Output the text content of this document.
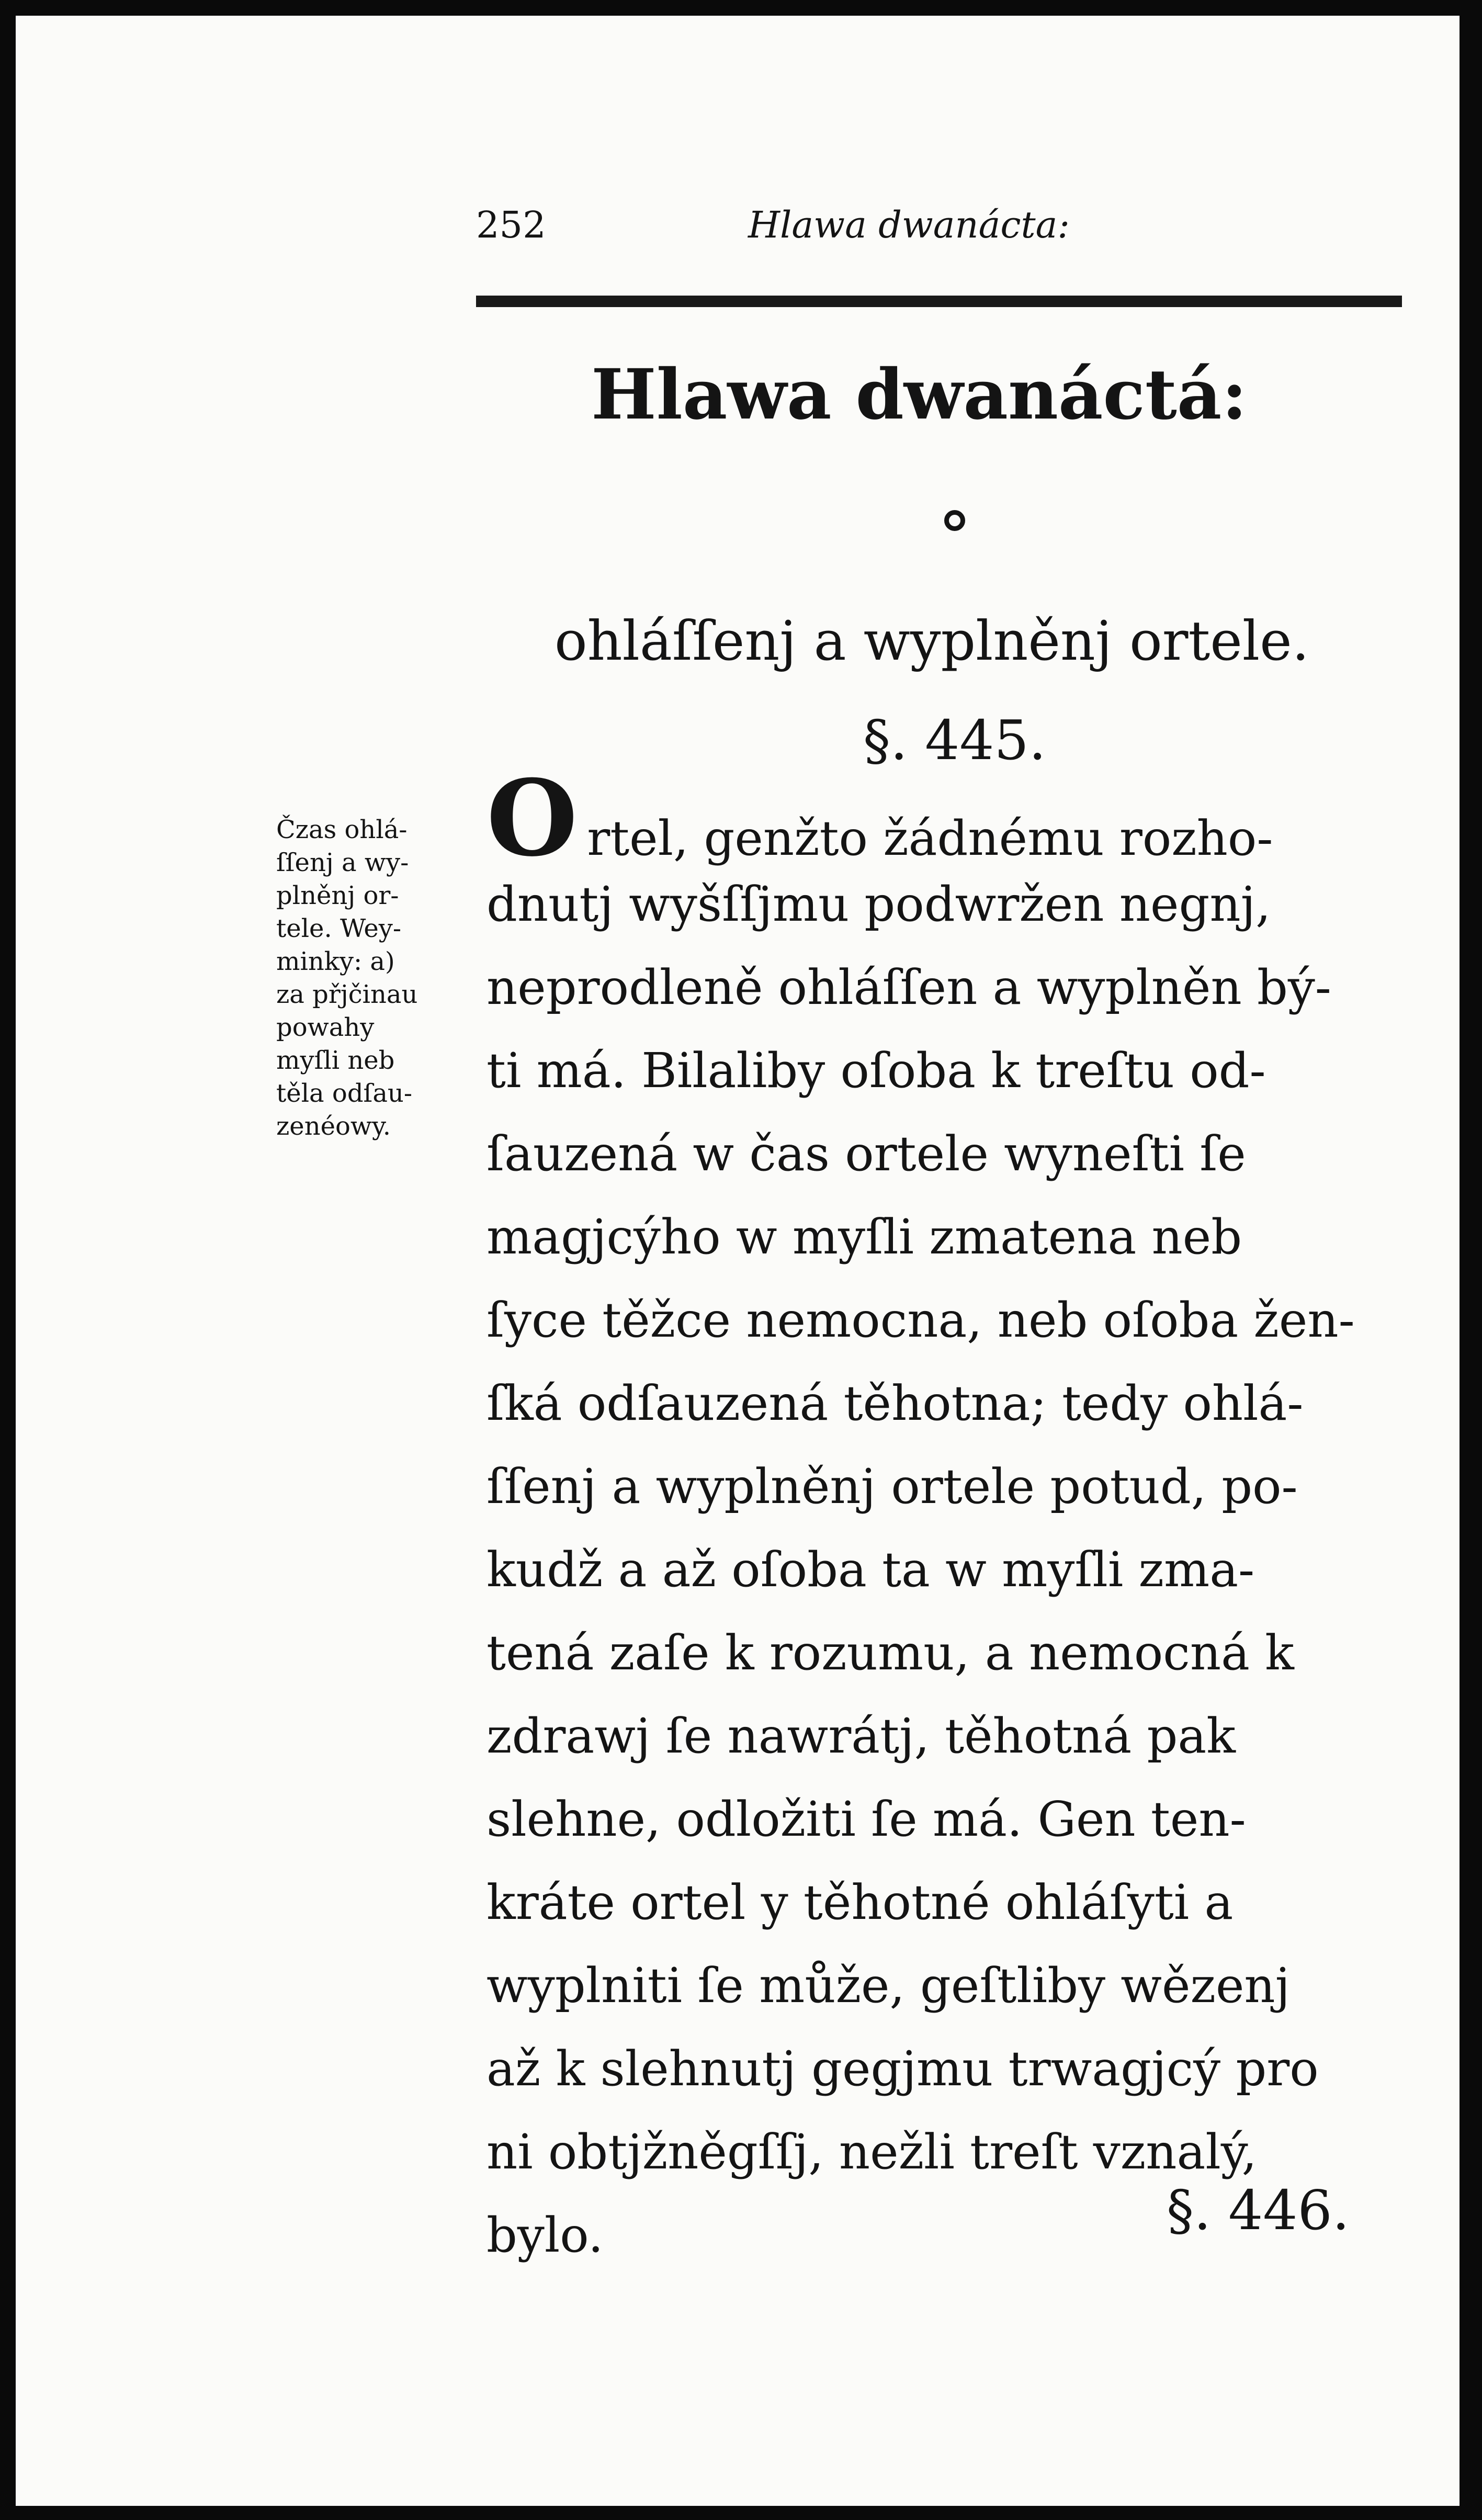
252	Hlawa dwanácta:
Hlawa dwanáctá:
ohláſſenj a wyplněnj ortele.
§. 445.
Čzas ohlá-
ſſenj a wy-
plněnj or-
tele. Wey-
minky: a)
za přjčinau
powahy
myſli neb
těla odſau-
zenéowy.
Ortel, genžto žádnému rozho-
dnutj wyšſſjmu podwržen negnj,
neprodleně ohláſſen a wyplněn bý-
ti má. Bilaliby oſoba k treſtu od-
ſauzená w čas ortele wyneſti ſe
magjcýho w myſli zmatena neb
ſyce těžce nemocna, neb oſoba žen-
ſká odſauzená těhotna; tedy ohlá-
ſſenj a wyplněnj ortele potud, po-
kudž a až oſoba ta w myſli zma-
tená zaſe k rozumu, a nemocná k
zdrawj ſe nawrátj, těhotná pak
slehne, odložiti ſe má. Gen ten-
kráte ortel y těhotné ohláſyti a
wyplniti ſe může, geſtliby wězenj
až k slehnutj gegjmu trwagjcý pro
ni obtjžněgſſj, nežli treſt vznalý,
bylo.	§. 446.
